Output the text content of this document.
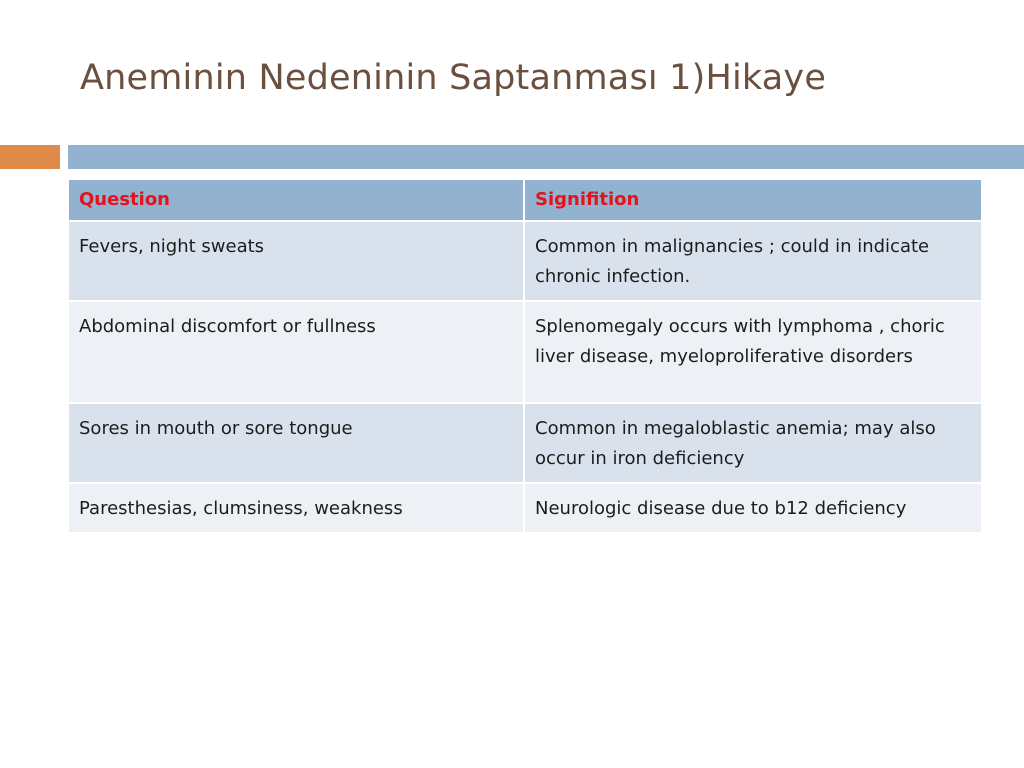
Aneminin Nedeninin Saptanması 1)Hikaye
Question	Signifition
Fevers, night sweats	Common in malignancies ; could in indicate chronic infection.
Abdominal discomfort or fullness	Splenomegaly occurs with lymphoma , choric liver disease, myeloproliferative disorders
Sores in mouth or sore tongue	Common in megaloblastic anemia; may also occur in iron deficiency
Paresthesias, clumsiness, weakness	Neurologic disease due to b12 deficiency
